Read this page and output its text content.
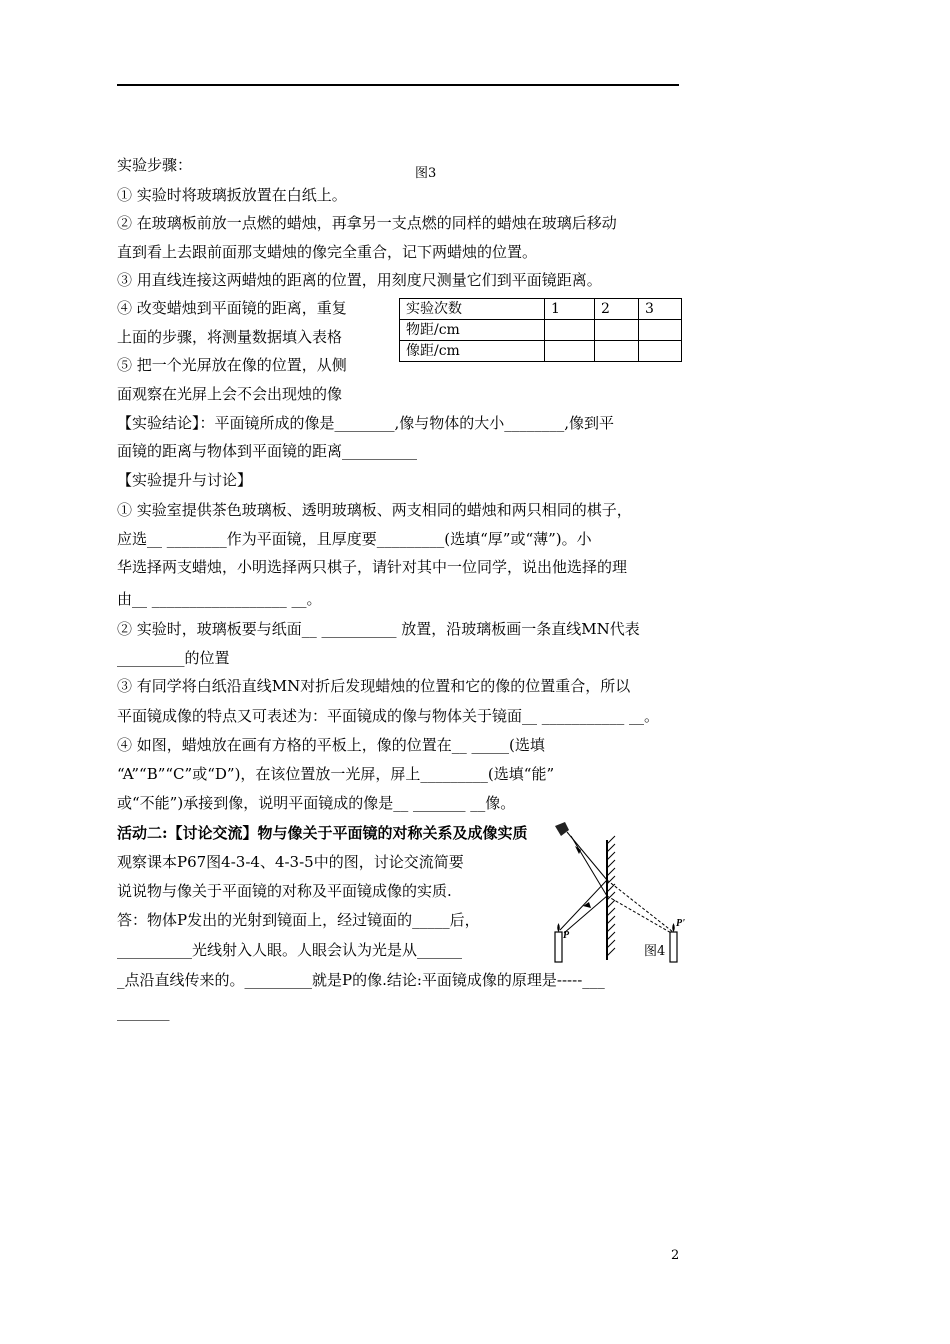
实验步骤：	图3
① 实验时将玻璃扳放置在白纸上。
② 在玻璃板前放一点燃的蜡烛，再拿另一支点燃的同样的蜡烛在玻璃后移动
直到看上去跟前面那支蜡烛的像完全重合，记下两蜡烛的位置。
③ 用直线连接这两蜡烛的距离的位置，用刻度尺测量它们到平面镜距离。
④ 改变蜡烛到平面镜的距离，重复
上面的步骤，将测量数据填入表格
⑤ 把一个光屏放在像的位置，从侧
面观察在光屏上会不会出现烛的像
实验次数	1	2	3
物距/cm			
像距/cm			
【实验结论】：平面镜所成的像是________,像与物体的大小________,像到平
面镜的距离与物体到平面镜的距离__________
【实验提升与讨论】
① 实验室提供茶色玻璃板、透明玻璃板、两支相同的蜡烛和两只相同的棋子，
应选__ ________作为平面镜，且厚度要_________(选填“厚”或“薄”)。小
华选择两支蜡烛，小明选择两只棋子，请针对其中一位同学，说出他选择的理
由__ __________________ __。
② 实验时，玻璃板要与纸面__ __________ 放置，沿玻璃板画一条直线MN代表
_________的位置
③ 有同学将白纸沿直线MN对折后发现蜡烛的位置和它的像的位置重合，所以
平面镜成像的特点又可表述为：平面镜成的像与物体关于镜面__ ___________ __。
④ 如图，蜡烛放在画有方格的平板上，像的位置在__ _____(选填
“A”“B”“C”或“D”)，在该位置放一光屏，屏上_________(选填“能”
或“不能”)承接到像，说明平面镜成的像是__ _______ __像。
活动二:【讨论交流】物与像关于平面镜的对称关系及成像实质
观察课本P67图4-3-4、4-3-5中的图，讨论交流简要
说说物与像关于平面镜的对称及平面镜成像的实质.
答：物体P发出的光射到镜面上，经过镜面的_____后，
__________光线射入人眼。人眼会认为光是从______
_点沿直线传来的。_________就是P的像.结论:平面镜成像的原理是-----___
_______
P
P'
图4
2
